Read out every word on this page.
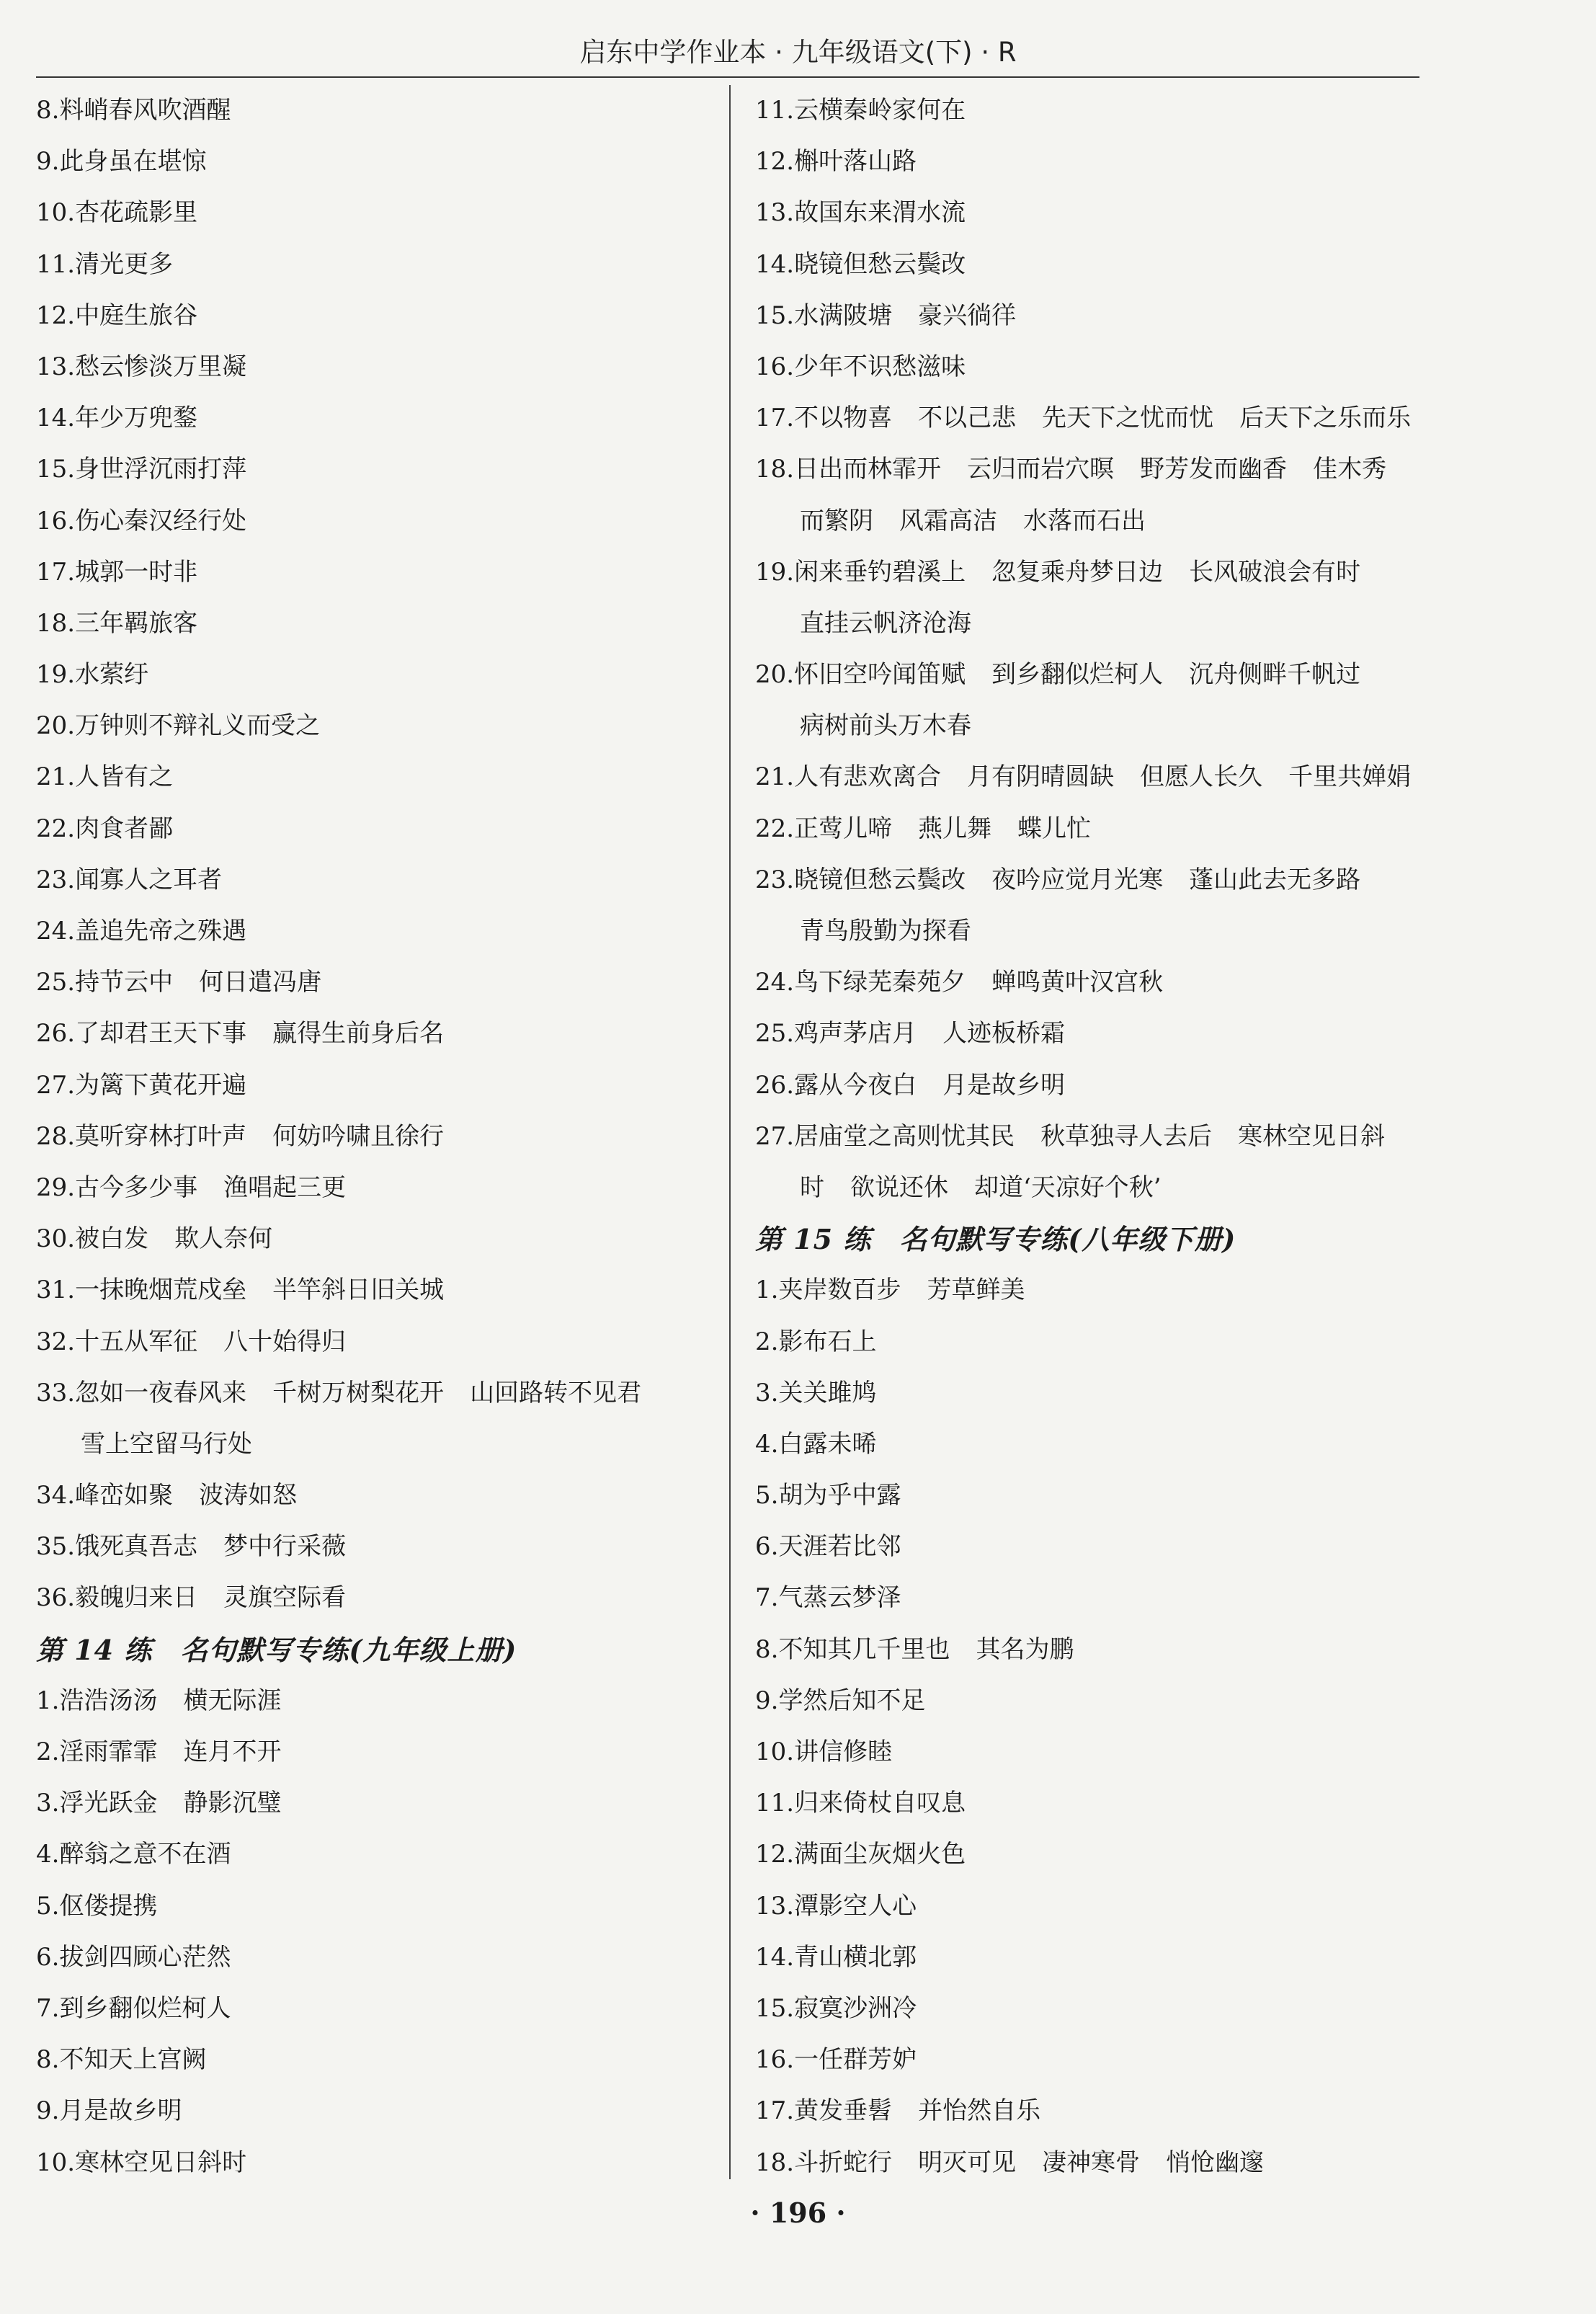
启东中学作业本 · 九年级语文(下) · R
8.料峭春风吹酒醒
9.此身虽在堪惊
10.杏花疏影里
11.清光更多
12.中庭生旅谷
13.愁云惨淡万里凝
14.年少万兜鍪
15.身世浮沉雨打萍
16.伤心秦汉经行处
17.城郭一时非
18.三年羁旅客
19.水萦纡
20.万钟则不辩礼义而受之
21.人皆有之
22.肉食者鄙
23.闻寡人之耳者
24.盖追先帝之殊遇
25.持节云中 何日遣冯唐
26.了却君王天下事 赢得生前身后名
27.为篱下黄花开遍
28.莫听穿林打叶声 何妨吟啸且徐行
29.古今多少事 渔唱起三更
30.被白发 欺人奈何
31.一抹晚烟荒戍垒 半竿斜日旧关城
32.十五从军征 八十始得归
33.忽如一夜春风来 千树万树梨花开 山回路转不见君
雪上空留马行处
34.峰峦如聚 波涛如怒
35.饿死真吾志 梦中行采薇
36.毅魄归来日 灵旗空际看
第 14 练　名句默写专练(九年级上册)
1.浩浩汤汤 横无际涯
2.淫雨霏霏 连月不开
3.浮光跃金 静影沉璧
4.醉翁之意不在酒
5.伛偻提携
6.拔剑四顾心茫然
7.到乡翻似烂柯人
8.不知天上宫阙
9.月是故乡明
10.寒林空见日斜时
11.云横秦岭家何在
12.槲叶落山路
13.故国东来渭水流
14.晓镜但愁云鬓改
15.水满陂塘 豪兴徜徉
16.少年不识愁滋味
17.不以物喜 不以己悲 先天下之忧而忧 后天下之乐而乐
18.日出而林霏开 云归而岩穴暝 野芳发而幽香 佳木秀
而繁阴 风霜高洁 水落而石出
19.闲来垂钓碧溪上 忽复乘舟梦日边 长风破浪会有时
直挂云帆济沧海
20.怀旧空吟闻笛赋 到乡翻似烂柯人 沉舟侧畔千帆过
病树前头万木春
21.人有悲欢离合 月有阴晴圆缺 但愿人长久 千里共婵娟
22.正莺儿啼 燕儿舞 蝶儿忙
23.晓镜但愁云鬓改 夜吟应觉月光寒 蓬山此去无多路
青鸟殷勤为探看
24.鸟下绿芜秦苑夕 蝉鸣黄叶汉宫秋
25.鸡声茅店月 人迹板桥霜
26.露从今夜白 月是故乡明
27.居庙堂之高则忧其民 秋草独寻人去后 寒林空见日斜
时 欲说还休 却道‘天凉好个秋’
第 15 练　名句默写专练(八年级下册)
1.夹岸数百步 芳草鲜美
2.影布石上
3.关关雎鸠
4.白露未晞
5.胡为乎中露
6.天涯若比邻
7.气蒸云梦泽
8.不知其几千里也 其名为鹏
9.学然后知不足
10.讲信修睦
11.归来倚杖自叹息
12.满面尘灰烟火色
13.潭影空人心
14.青山横北郭
15.寂寞沙洲冷
16.一任群芳妒
17.黄发垂髫 并怡然自乐
18.斗折蛇行 明灭可见 凄神寒骨 悄怆幽邃
· 196 ·
